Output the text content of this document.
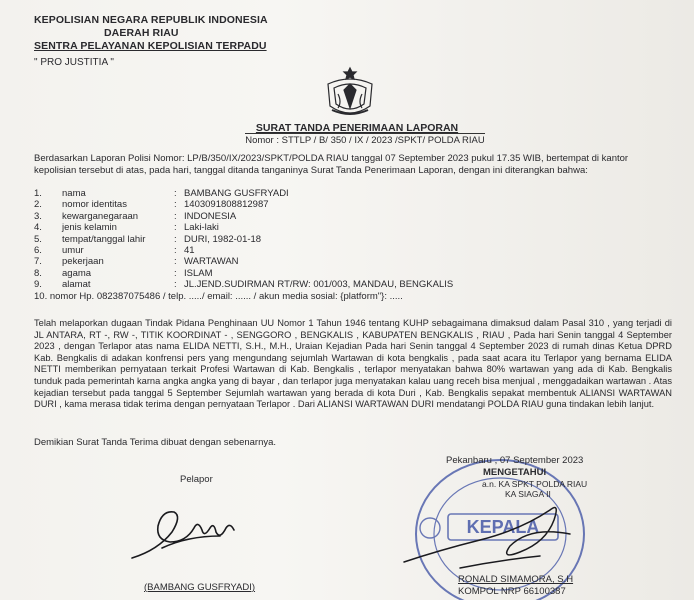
KEPOLISIAN NEGARA REPUBLIK INDONESIA
DAERAH RIAU
SENTRA PELAYANAN KEPOLISIAN TERPADU
" PRO JUSTITIA "
SURAT TANDA PENERIMAAN LAPORAN
Nomor : STTLP / B/ 350 / IX / 2023 /SPKT/ POLDA RIAU
Berdasarkan Laporan Polisi Nomor: LP/B/350/IX/2023/SPKT/POLDA RIAU tanggal 07 September 2023 pukul 17.35 WIB, bertempat di kantor kepolisian tersebut di atas, pada hari, tanggal ditanda tanganinya Surat Tanda Penerimaan Laporan, dengan ini diterangkan bahwa:
1.	nama	: BAMBANG GUSFRYADI
2.	nomor identitas	: 1403091808812987
3.	kewarganegaraan	: INDONESIA
4.	jenis kelamin	: Laki-laki
5.	tempat/tanggal lahir	: DURI, 1982-01-18
6.	umur	: 41
7.	pekerjaan	: WARTAWAN
8.	agama	: ISLAM
9.	alamat	: JL.JEND.SUDIRMAN RT/RW: 001/003, MANDAU, BENGKALIS
10. nomor Hp. 082387075486 / telp. ...../ email: ...... / akun media sosial: {platform"}: .....
Telah melaporkan dugaan Tindak Pidana Penghinaan UU Nomor 1 Tahun 1946 tentang KUHP sebagaimana dimaksud dalam Pasal 310 , yang terjadi di JL ANTARA, RT -, RW -, TITIK KOORDINAT - , SENGGORO , BENGKALIS , KABUPATEN BENGKALIS , RIAU , Pada hari Senin tanggal 4 September 2023 , dengan Terlapor atas nama ELIDA NETTI, S.H., M.H., Uraian Kejadian Pada hari Senin tanggal 4 September 2023 di rumah dinas Ketua DPRD Kab. Bengkalis di adakan konfrensi pers yang mengundang sejumlah Wartawan di kota bengkalis , pada saat acara itu Terlapor yang bernama ELIDA NETTI memberikan pernyataan terkait Profesi Wartawan di Kab. Bengkalis , terlapor menyatakan bahwa 80% wartawan yang ada di Kab. Bengkalis tunduk pada pemerintah karna angka angka yang di bayar , dan terlapor juga menyatakan kalau uang receh bisa menjual , menggadaikan wartawan . Atas kejadian tersebut pada tanggal 5 September Sejumlah wartawan yang berada di kota Duri , Kab. Bengkalis sepakat membentuk ALIANSI WARTAWAN DURI , kama merasa tidak terima dengan pernyataan Terlapor . Dari ALIANSI WARTAWAN DURI mendatangi POLDA RIAU guna tindakan lebih lanjut.
Demikian Surat Tanda Terima dibuat dengan sebenarnya.
Pelapor
(BAMBANG GUSFRYADI)
KEPALA
Pekanbaru , 07 September 2023
MENGETAHUI
a.n. KA SPKT POLDA RIAU
KA SIAGA II
RONALD SIMAMORA, S.H
KOMPOL NRP 66100387
